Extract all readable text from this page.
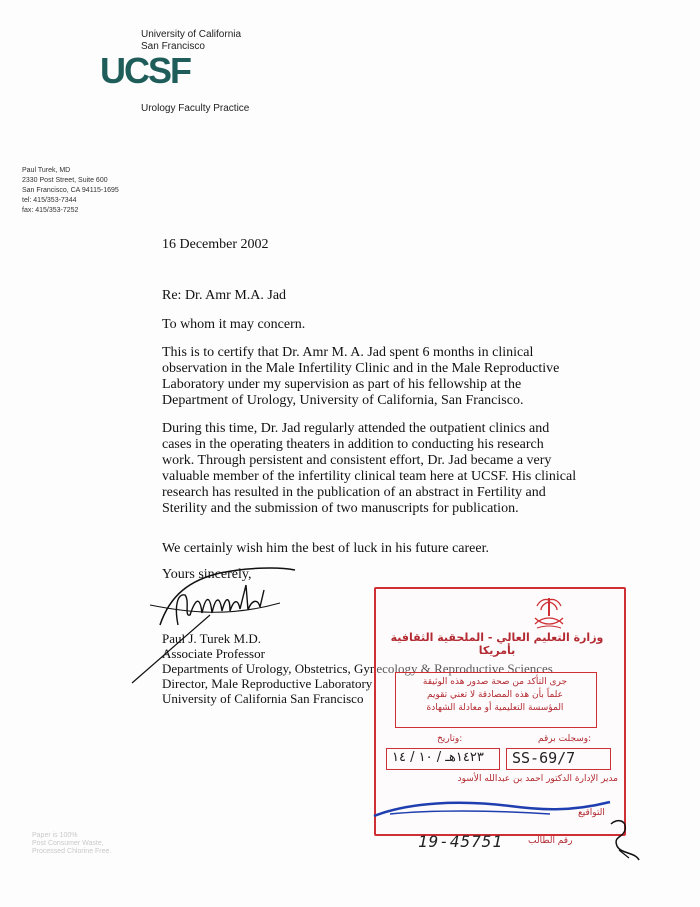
University of California
San Francisco
UCSF
Urology Faculty Practice
Paul Turek, MD
2330 Post Street, Suite 600
San Francisco, CA 94115-1695
tel: 415/353-7344
fax: 415/353-7252
16 December 2002
Re: Dr. Amr M.A. Jad
To whom it may concern.
This is to certify that Dr. Amr M. A. Jad spent 6 months in clinical observation in the Male Infertility Clinic and in the Male Reproductive Laboratory under my supervision as part of his fellowship at the Department of Urology, University of California, San Francisco.
During this time, Dr. Jad regularly attended the outpatient clinics and cases in the operating theaters in addition to conducting his research work. Through persistent and consistent effort, Dr. Jad became a very valuable member of the infertility clinical team here at UCSF. His clinical research has resulted in the publication of an abstract in Fertility and Sterility and the submission of two manuscripts for publication.
We certainly wish him the best of luck in his future career.
Yours sincerely,
Paul J. Turek M.D.
Associate Professor
Departments of Urology, Obstetrics, Gynecology & Reproductive Sciences
Director, Male Reproductive Laboratory
University of California San Francisco
Paper is 100%
Post Consumer Waste,
Processed Chlorine Free.
وزارة التعليم العالي - الملحقية الثقافية بأمريكا
جرى التأكد من صحة صدور هذه الوثيقة
علماً بأن هذه المصادقة لا تعني تقويم
المؤسسة التعليمية أو معادلة الشهادة
وسجلت برقم:
وتاريخ:
SS-69/7
١٤٢٣هـ / ١٠ / ١٤
مدير الإدارة الدكتور احمد بن عبدالله الأسود
التواقيع
رقم الطالب
19-45751
